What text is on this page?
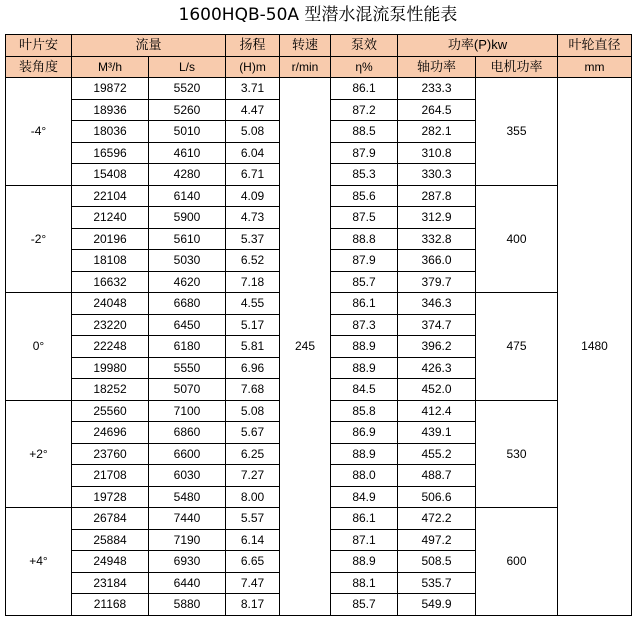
1600HQB-50A 型潜水混流泵性能表
叶片安	流量		扬程	转速	泵效	功率(P)kw		叶轮直径
装角度	M³/h	L/s	(H)m	r/min	η%	轴功率	电机功率	mm
-4°	19872	5520	3.71	245	86.1	233.3	355	1480
	18936	5260	4.47		87.2	264.5		
	18036	5010	5.08		88.5	282.1		
	16596	4610	6.04		87.9	310.8		
	15408	4280	6.71		85.3	330.3		
-2°	22104	6140	4.09		85.6	287.8	400	
	21240	5900	4.73		87.5	312.9		
	20196	5610	5.37		88.8	332.8		
	18108	5030	6.52		87.9	366.0		
	16632	4620	7.18		85.7	379.7		
0°	24048	6680	4.55		86.1	346.3	475	
	23220	6450	5.17		87.3	374.7		
	22248	6180	5.81		88.9	396.2		
	19980	5550	6.96		88.9	426.3		
	18252	5070	7.68		84.5	452.0		
+2°	25560	7100	5.08		85.8	412.4	530	
	24696	6860	5.67		86.9	439.1		
	23760	6600	6.25		88.9	455.2		
	21708	6030	7.27		88.0	488.7		
	19728	5480	8.00		84.9	506.6		
+4°	26784	7440	5.57		86.1	472.2	600	
	25884	7190	6.14		87.1	497.2		
	24948	6930	6.65		88.9	508.5		
	23184	6440	7.47		88.1	535.7		
	21168	5880	8.17		85.7	549.9		
